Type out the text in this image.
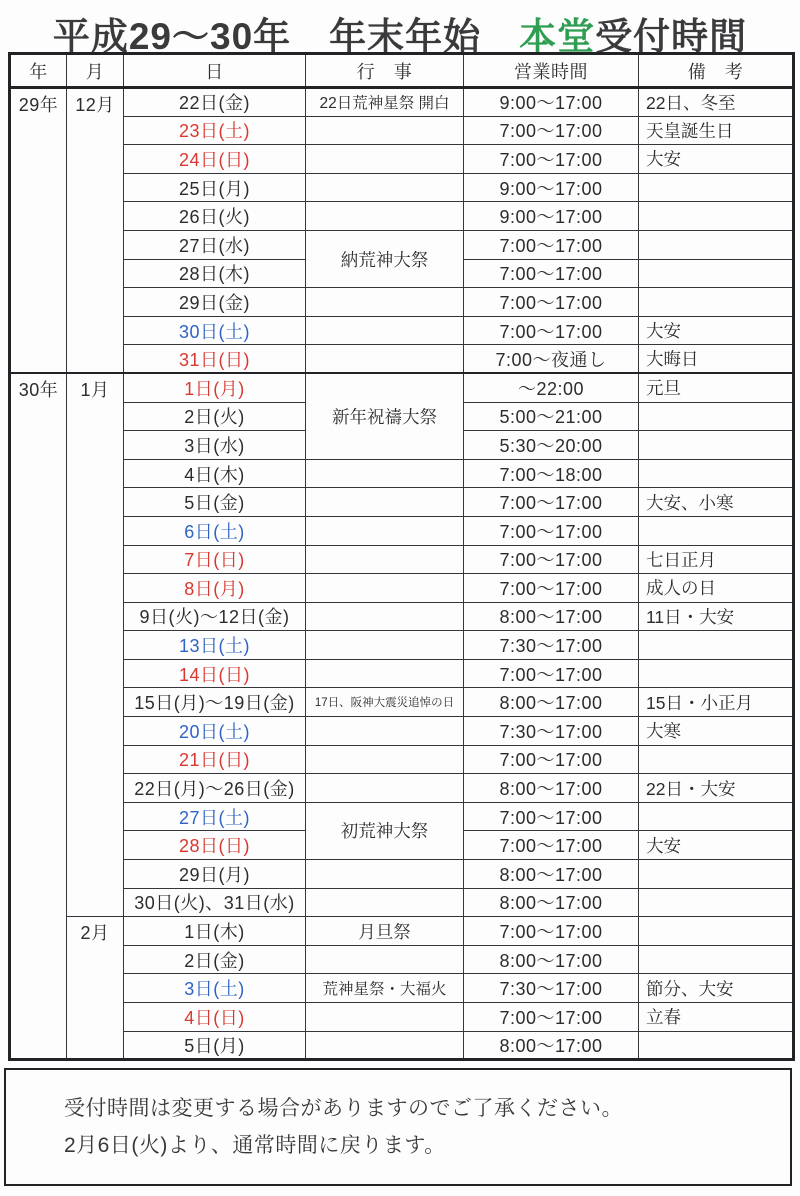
平成29〜30年　年末年始　本堂受付時間
年	月	日	行　事	営業時間	備　考
29年	12月	22日(金)	22日荒神星祭 開白	9:00～17:00	22日、冬至
		23日(土)		7:00～17:00	天皇誕生日
		24日(日)		7:00～17:00	大安
		25日(月)		9:00～17:00	
		26日(火)		9:00～17:00	
		27日(水)	納荒神大祭	7:00～17:00	
		28日(木)		7:00～17:00	
		29日(金)		7:00～17:00	
		30日(土)		7:00～17:00	大安
		31日(日)		7:00～夜通し	大晦日
30年	1月	1日(月)	新年祝禱大祭	～22:00	元旦
		2日(火)		5:00～21:00	
		3日(水)		5:30～20:00	
		4日(木)		7:00～18:00	
		5日(金)		7:00～17:00	大安、小寒
		6日(土)		7:00～17:00	
		7日(日)		7:00～17:00	七日正月
		8日(月)		7:00～17:00	成人の日
		9日(火)～12日(金)		8:00～17:00	11日・大安
		13日(土)		7:30～17:00	
		14日(日)		7:00～17:00	
		15日(月)～19日(金)	17日、阪神大震災追悼の日	8:00～17:00	15日・小正月
		20日(土)		7:30～17:00	大寒
		21日(日)		7:00～17:00	
		22日(月)～26日(金)		8:00～17:00	22日・大安
		27日(土)	初荒神大祭	7:00～17:00	
		28日(日)		7:00～17:00	大安
		29日(月)		8:00～17:00	
		30日(火)、31日(水)		8:00～17:00	
	2月	1日(木)	月旦祭	7:00～17:00	
		2日(金)		8:00～17:00	
		3日(土)	荒神星祭・大福火	7:30～17:00	節分、大安
		4日(日)		7:00～17:00	立春
		5日(月)		8:00～17:00	

受付時間は変更する場合がありますのでご了承ください。

2月6日(火)より、通常時間に戻ります。
